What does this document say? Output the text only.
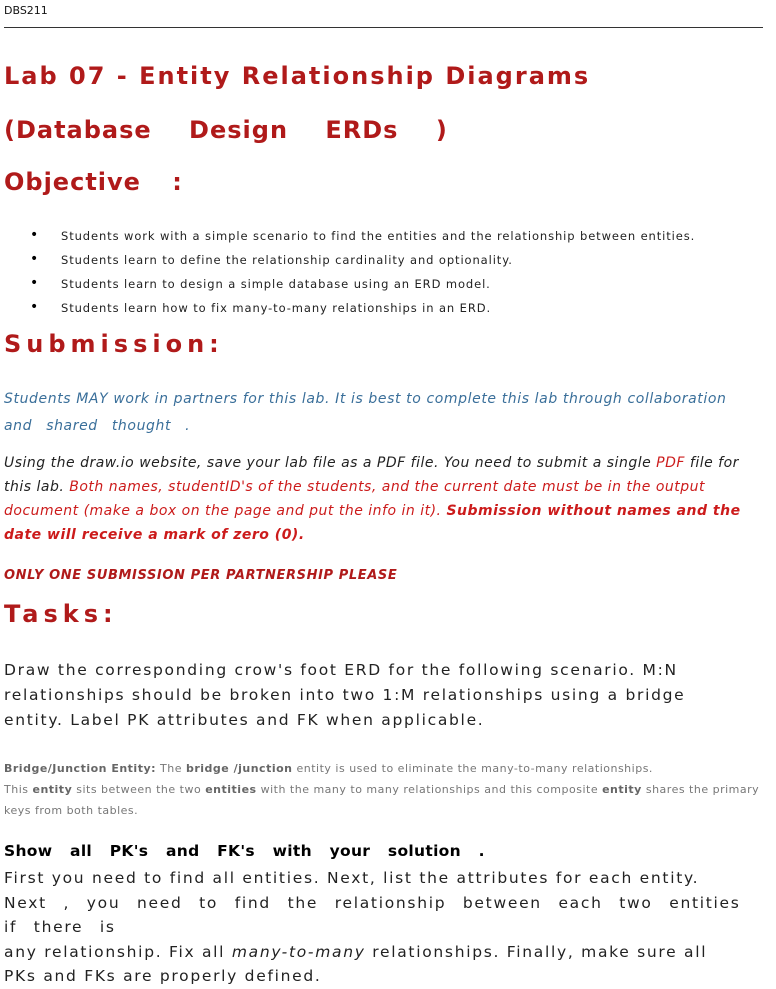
DBS211
Lab 07 - Entity Relationship Diagrams
(Database Design ERDs )
Objective :
• Students work with a simple scenario to find the entities and the relationship between entities.
• Students learn to define the relationship cardinality and optionality.
• Students learn to design a simple database using an ERD model.
• Students learn how to fix many-to-many relationships in an ERD.
Submission:
Students MAY work in partners for this lab. It is best to complete this lab through collaboration
and shared thought .
Using the draw.io website, save your lab file as a PDF file. You need to submit a single PDF file for this lab. Both names, studentID's of the students, and the current date must be in the output document (make a box on the page and put the info in it). Submission without names and the date will receive a mark of zero (0).
ONLY ONE SUBMISSION PER PARTNERSHIP PLEASE
Tasks:
Draw the corresponding crow's foot ERD for the following scenario. M:N relationships should be broken into two 1:M relationships using a bridge entity. Label PK attributes and FK when applicable.
Bridge/Junction Entity: The bridge /junction entity is used to eliminate the many-to-many relationships.
This entity sits between the two entities with the many to many relationships and this composite entity shares the primary keys from both tables.
Show all PK's and FK's with your solution .
First you need to find all entities. Next, list the attributes for each entity.
Next , you need to find the relationship between each two entities if there is
any relationship. Fix all many-to-many relationships. Finally, make sure all
PKs and FKs are properly defined.
